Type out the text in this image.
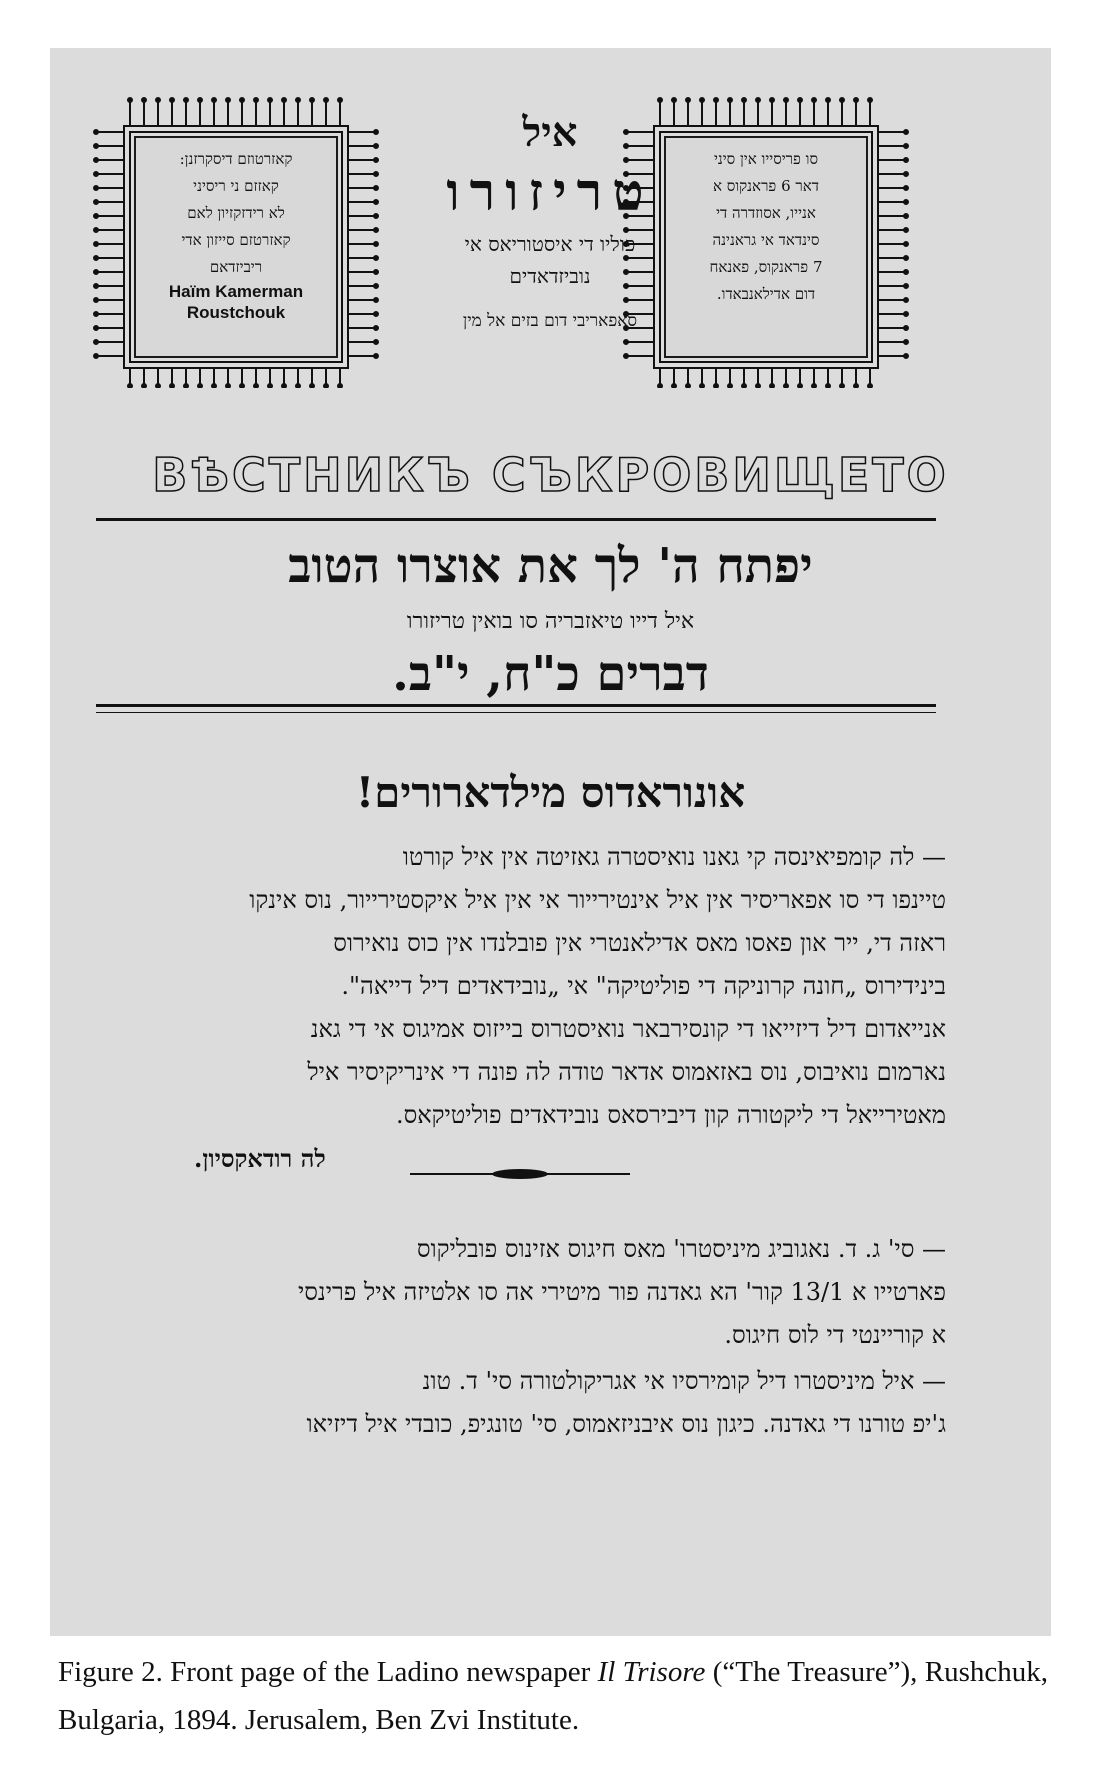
קאזרטוזם דיסקרזנן:
קאזזם ני ריסיני
לא רידזקזיון לאם
קאזרטזם סייזון אדי
ריביזדאם
Haïm Kamerman
Roustchouk
סו פריסייו אין סיני
דאר 6 פראנקוס א
אנייו, אסוזדרה די
סינדאד אי גראנינה
7 פראנקוס, פאנאח
דום אדילאנבאדו.
איל
טריזורו
פוליו די איסטוריאס אי
נוביזדאדים
סאפאריבי דום בזים אל מין
ВѢСТНИКЪ СЪКРОВИЩЕТО
יפתח ה' לך את אוצרו הטוב
איל דייו טיאזבריה סו בואין טריזורו
דברים כ"ח, י"ב.
אונוראדוס מילדארורים!

— לה קומפיאינסה קי גאנו נואיסטרה גאזיטה אין איל קורטו

טיינפו די סו אפאריסיר אין איל אינטירייור אי אין איל איקסטירייור, נוס אינקו

ראזה די, ייר און פאסו מאס אדילאנטרי אין פובלנדו אין כוס נואירוס

בינידירוס „חונה קרוניקה די פוליטיקה" אי „נובידאדים דיל דייאה".

אנייאדום דיל דיזייאו די קונסירבאר נואיסטרוס בייזוס אמיגוס אי די גאנ

נארמום נואיבוס, נוס באזאמוס אדאר טודה לה פונה די אינריקיסיר איל

מאטירייאל די ליקטורה קון דיבירסאס נובידאדים פוליטיקאס.

לה רודאקסיון.

— סי' ג. ד. נאגוביג מיניסטרו' מאס חיגוס אזינוס פובליקוס

פארטייו א 13/1 קור' הא גאדנה פור מיטירי אה סו אלטיזה איל פרינסי

א קוריינטי די לוס חיגוס.

— איל מיניסטרו דיל קומירסיו אי אגריקולטורה סי' ד. טונ

ג'יפ טורנו די גאדנה. כיגון נוס איבניזאמוס, סי' טונגיפ, כובדי איל דיזיאו

Figure 2. Front page of the Ladino newspaper Il Trisore (“The Treasure”), Rushchuk, Bulgaria, 1894. Jerusalem, Ben Zvi Institute.
